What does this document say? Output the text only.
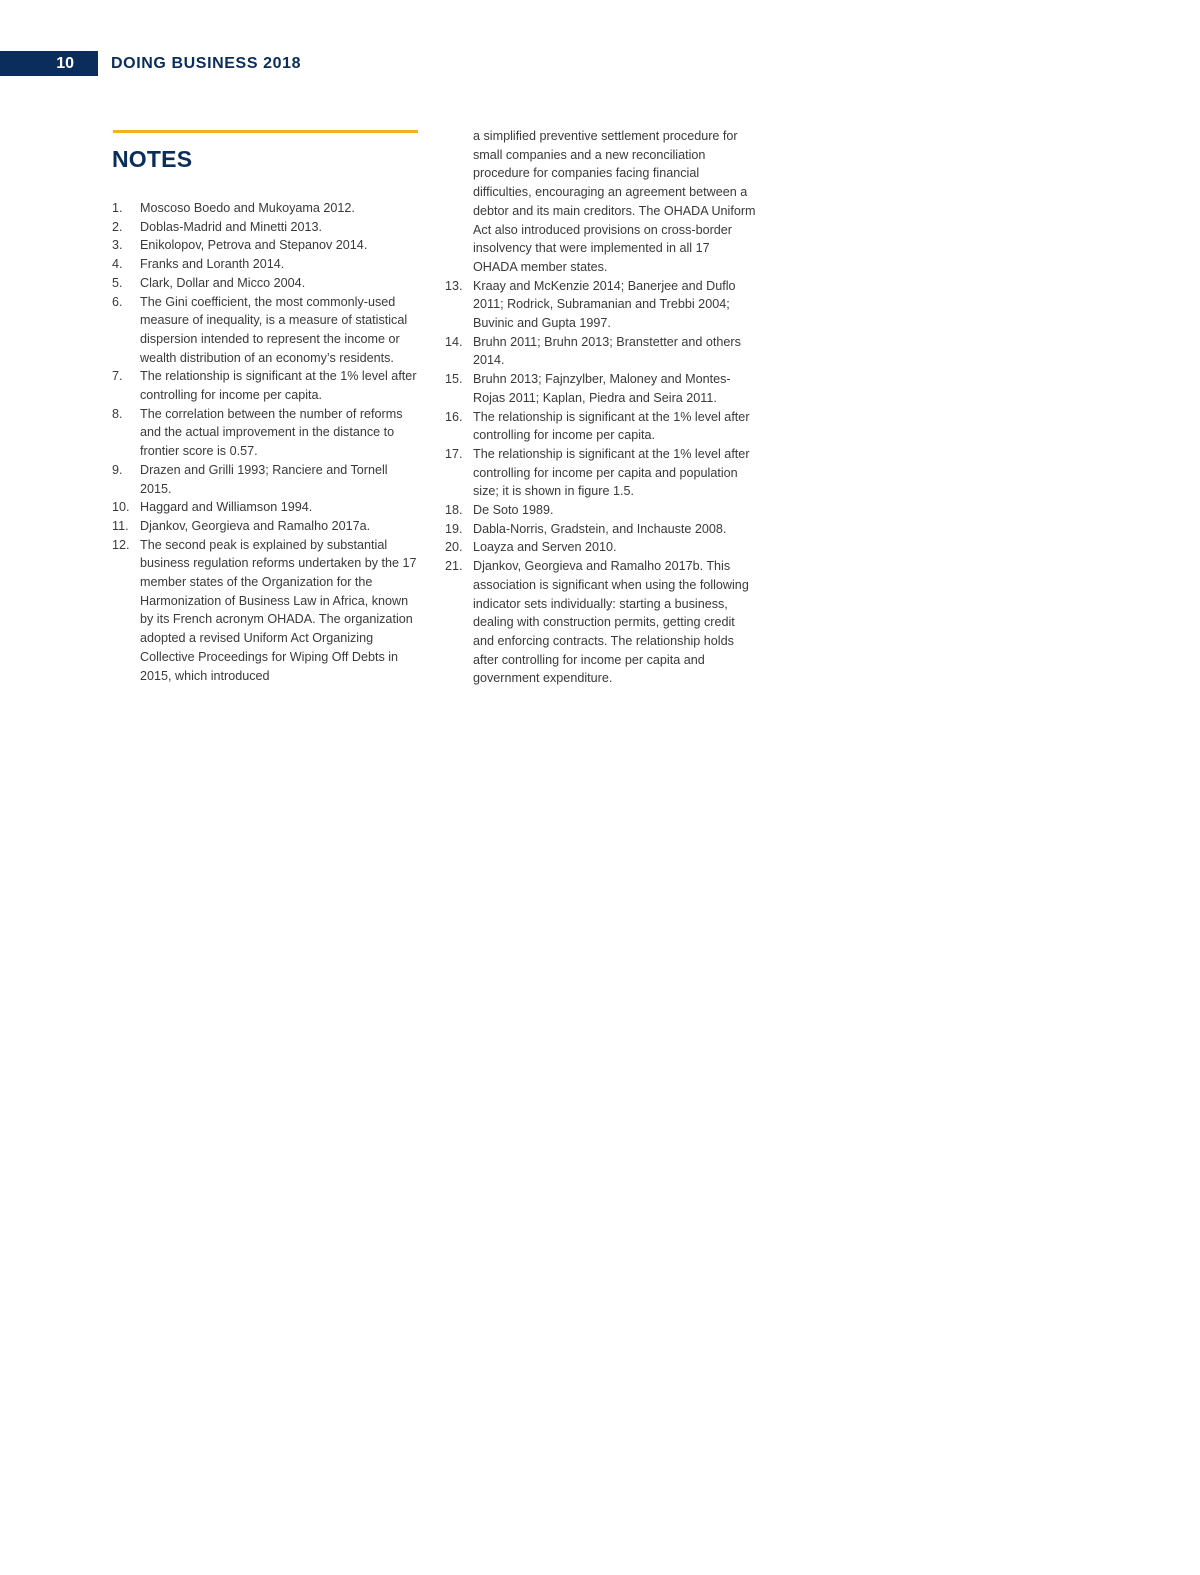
10	DOING BUSINESS 2018
NOTES
1.	Moscoso Boedo and Mukoyama 2012.
2.	Doblas-Madrid and Minetti 2013.
3.	Enikolopov, Petrova and Stepanov 2014.
4.	Franks and Loranth 2014.
5.	Clark, Dollar and Micco 2004.
6.	The Gini coefficient, the most commonly-used measure of inequality, is a measure of statistical dispersion intended to represent the income or wealth distribution of an economy’s residents.
7.	The relationship is significant at the 1% level after controlling for income per capita.
8.	The correlation between the number of reforms and the actual improvement in the distance to frontier score is 0.57.
9.	Drazen and Grilli 1993; Ranciere and Tornell 2015.
10. Haggard and Williamson 1994.
11. Djankov, Georgieva and Ramalho 2017a.
12. The second peak is explained by substantial business regulation reforms undertaken by the 17 member states of the Organization for the Harmonization of Business Law in Africa, known by its French acronym OHADA. The organization adopted a revised Uniform Act Organizing Collective Proceedings for Wiping Off Debts in 2015, which introduced
a simplified preventive settlement procedure for small companies and a new reconciliation procedure for companies facing financial difficulties, encouraging an agreement between a debtor and its main creditors. The OHADA Uniform Act also introduced provisions on cross-border insolvency that were implemented in all 17 OHADA member states.
13. Kraay and McKenzie 2014; Banerjee and Duflo 2011; Rodrick, Subramanian and Trebbi 2004; Buvinic and Gupta 1997.
14. Bruhn 2011; Bruhn 2013; Branstetter and others 2014.
15. Bruhn 2013; Fajnzylber, Maloney and Montes-Rojas 2011; Kaplan, Piedra and Seira 2011.
16. The relationship is significant at the 1% level after controlling for income per capita.
17. The relationship is significant at the 1% level after controlling for income per capita and population size; it is shown in figure 1.5.
18. De Soto 1989.
19. Dabla-Norris, Gradstein, and Inchauste 2008.
20. Loayza and Serven 2010.
21. Djankov, Georgieva and Ramalho 2017b. This association is significant when using the following indicator sets individually: starting a business, dealing with construction permits, getting credit and enforcing contracts. The relationship holds after controlling for income per capita and government expenditure.
